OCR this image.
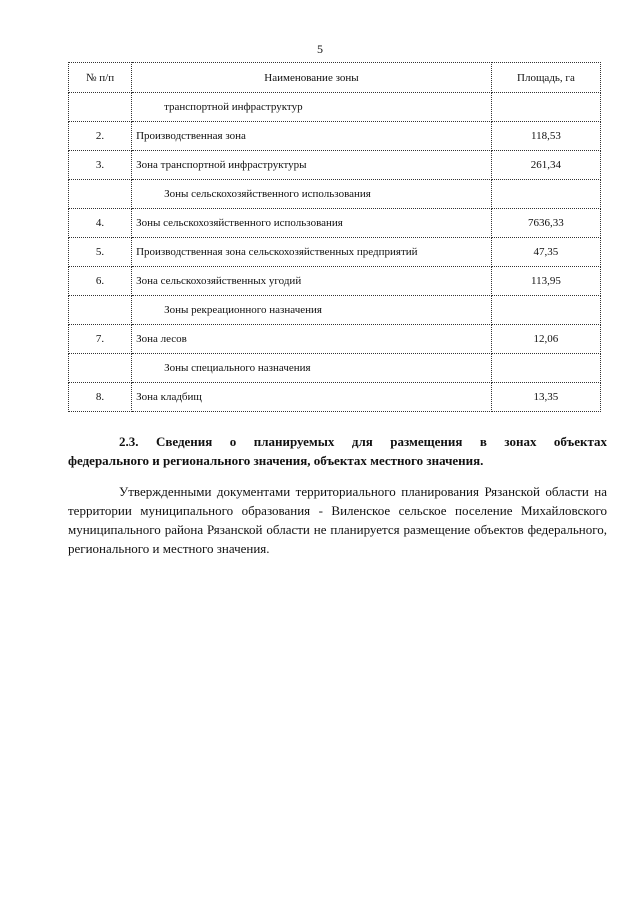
5
№ п/п	Наименование зоны	Площадь, га
	транспортной инфраструктур	
2.	Производственная зона	118,53
3.	Зона транспортной инфраструктуры	261,34
	Зоны сельскохозяйственного использования	
4.	Зоны сельскохозяйственного использования	7636,33
5.	Производственная зона сельскохозяйственных предприятий	47,35
6.	Зона сельскохозяйственных угодий	113,95
	Зоны рекреационного назначения	
7.	Зона лесов	12,06
	Зоны специального назначения	
8.	Зона кладбищ	13,35

2.3. Сведения о планируемых для размещения в зонах объектах
федерального и регионального значения, объектах местного значения.

Утвержденными документами территориального планирования Рязанской области на территории муниципального образования - Виленское сельское поселение Михайловского муниципального района Рязанской области не планируется размещение объектов федерального, регионального и местного значения.
